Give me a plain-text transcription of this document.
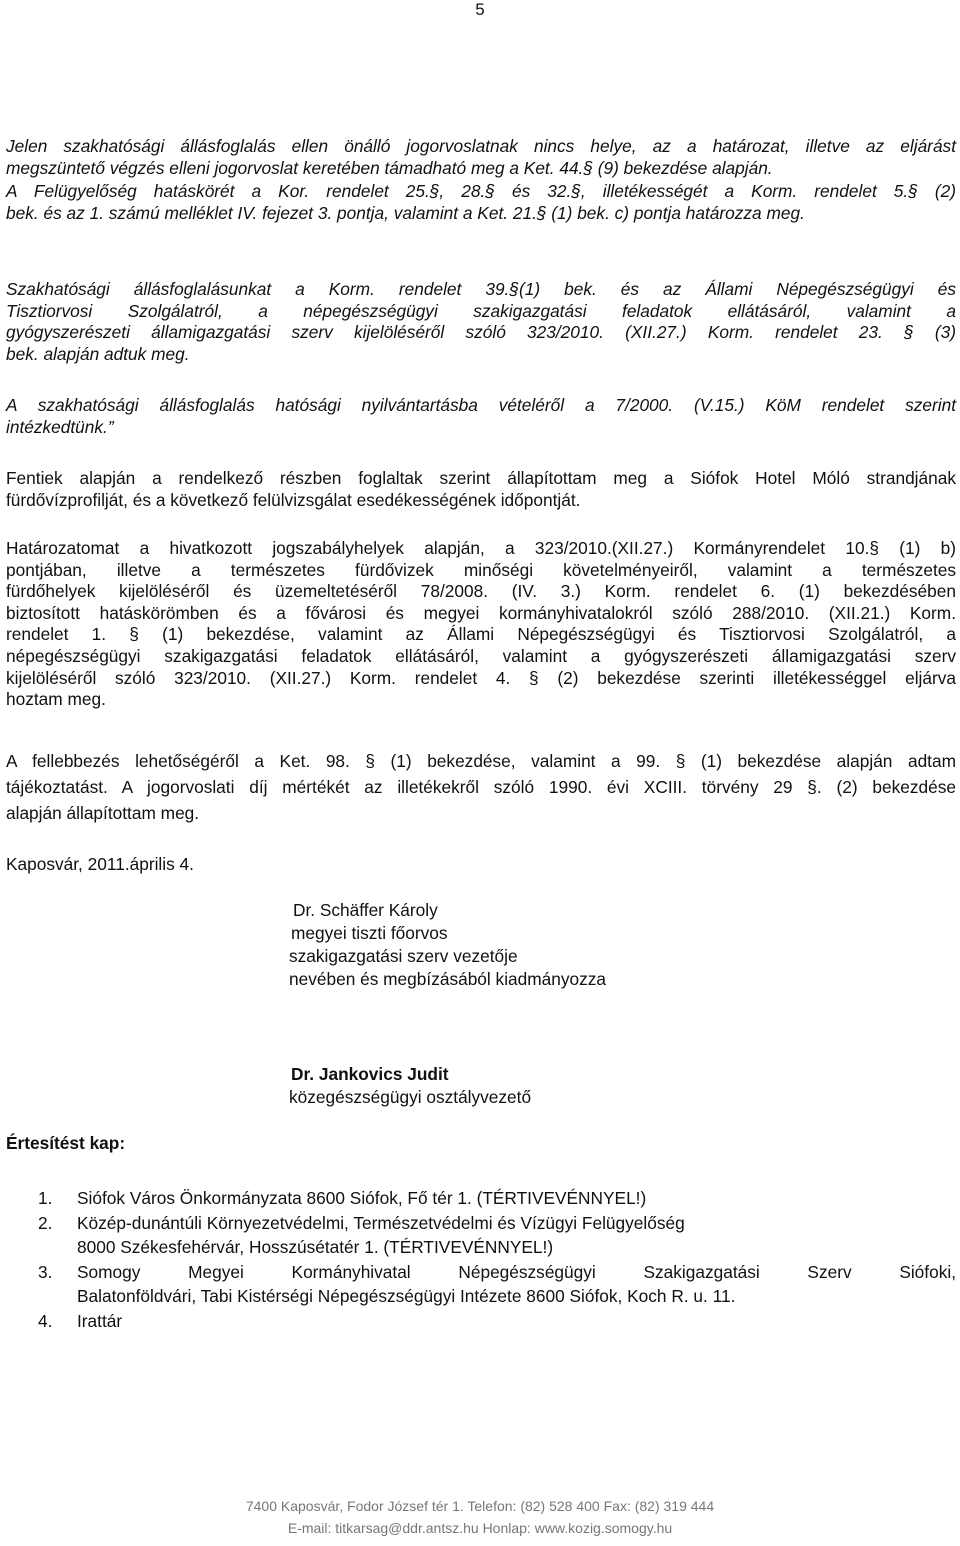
5
Jelen szakhatósági állásfoglalás ellen önálló jogorvoslatnak nincs helye, az a határozat, illetve az eljárást
megszüntető végzés elleni jogorvoslat keretében támadható meg a Ket. 44.§ (9) bekezdése alapján.
A Felügyelőség hatáskörét a Kor. rendelet 25.§, 28.§ és 32.§, illetékességét a Korm. rendelet 5.§ (2)
bek. és az 1. számú melléklet IV. fejezet 3. pontja, valamint a Ket. 21.§ (1) bek. c) pontja határozza meg.
Szakhatósági állásfoglalásunkat a Korm. rendelet 39.§(1) bek. és az Állami Népegészségügyi és
Tisztiorvosi Szolgálatról, a népegészségügyi szakigazgatási feladatok ellátásáról, valamint a
gyógyszerészeti államigazgatási szerv kijelöléséről szóló 323/2010. (XII.27.) Korm. rendelet 23. § (3)
bek. alapján adtuk meg.
A szakhatósági állásfoglalás hatósági nyilvántartásba vételéről a 7/2000. (V.15.) KöM rendelet szerint
intézkedtünk.”
Fentiek alapján a rendelkező részben foglaltak szerint állapítottam meg a Siófok Hotel Móló strandjának
fürdővízprofilját, és a következő felülvizsgálat esedékességének időpontját.
Határozatomat a hivatkozott jogszabályhelyek alapján, a 323/2010.(XII.27.) Kormányrendelet 10.§ (1) b)
pontjában, illetve a természetes fürdővizek minőségi követelményeiről, valamint a természetes
fürdőhelyek kijelöléséről és üzemeltetéséről 78/2008. (IV. 3.) Korm. rendelet 6. (1) bekezdésében
biztosított hatáskörömben és a fővárosi és megyei kormányhivatalokról szóló 288/2010. (XII.21.) Korm.
rendelet 1. § (1) bekezdése, valamint az Állami Népegészségügyi és Tisztiorvosi Szolgálatról, a
népegészségügyi szakigazgatási feladatok ellátásáról, valamint a gyógyszerészeti államigazgatási szerv
kijelöléséről szóló 323/2010. (XII.27.) Korm. rendelet 4. § (2) bekezdése szerinti illetékességgel eljárva
hoztam meg.
A fellebbezés lehetőségéről a Ket. 98. § (1) bekezdése, valamint a 99. § (1) bekezdése alapján adtam
tájékoztatást. A jogorvoslati díj mértékét az illetékekről szóló 1990. évi XCIII. törvény 29 §. (2) bekezdése
alapján állapítottam meg.
Kaposvár, 2011.április 4.
Dr. Schäffer Károly
megyei tiszti főorvos
szakigazgatási szerv vezetője
nevében és megbízásából kiadmányozza
Dr. Jankovics Judit
közegészségügyi osztályvezető
Értesítést kap:
1. Siófok Város Önkormányzata 8600 Siófok, Fő tér 1. (TÉRTIVEVÉNNYEL!)
2. Közép-dunántúli Környezetvédelmi, Természetvédelmi és Vízügyi Felügyelőség
8000 Székesfehérvár, Hosszúsétatér 1. (TÉRTIVEVÉNNYEL!)
3. Somogy Megyei Kormányhivatal Népegészségügyi Szakigazgatási Szerv Siófoki,
Balatonföldvári, Tabi Kistérségi Népegészségügyi Intézete 8600 Siófok, Koch R. u. 11.
4. Irattár
7400 Kaposvár, Fodor József tér 1. Telefon: (82) 528 400 Fax: (82) 319 444
E-mail: titkarsag@ddr.antsz.hu Honlap: www.kozig.somogy.hu
